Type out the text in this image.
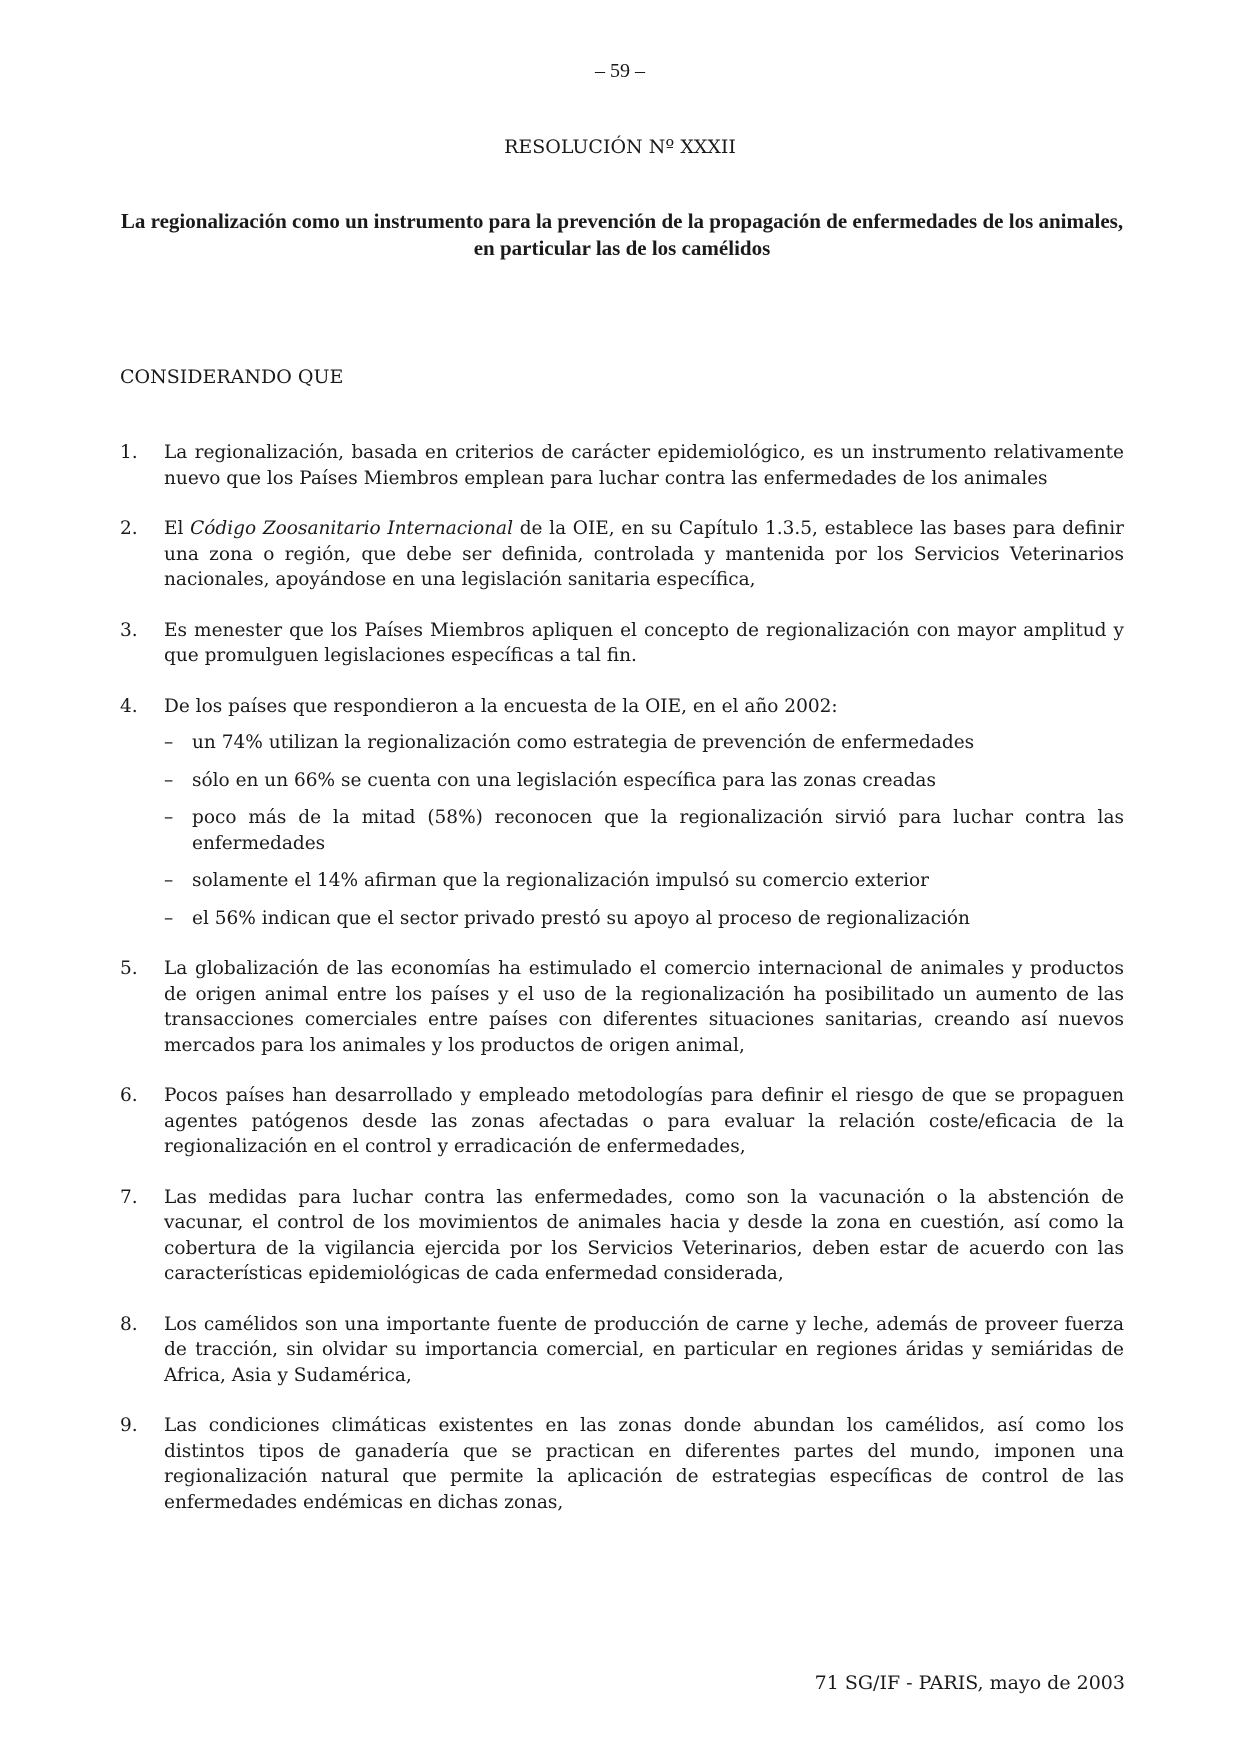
– 59 –
RESOLUCIÓN Nº XXXII
La regionalización como un instrumento para la prevención de la propagación de enfermedades de los animales, en particular las de los camélidos
CONSIDERANDO QUE
1.	La regionalización, basada en criterios de carácter epidemiológico, es un instrumento relativamente nuevo que los Países Miembros emplean para luchar contra las enfermedades de los animales
2.	El Código Zoosanitario Internacional de la OIE, en su Capítulo 1.3.5, establece las bases para definir una zona o región, que debe ser definida, controlada y mantenida por los Servicios Veterinarios nacionales, apoyándose en una legislación sanitaria específica,
3.	Es menester que los Países Miembros apliquen el concepto de regionalización con mayor amplitud y que promulguen legislaciones específicas a tal fin.
4.	De los países que respondieron a la encuesta de la OIE, en el año 2002:
–	un 74% utilizan la regionalización como estrategia de prevención de enfermedades
–	sólo en un 66% se cuenta con una legislación específica para las zonas creadas
–	poco más de la mitad (58%) reconocen que la regionalización sirvió para luchar contra las enfermedades
–	solamente el 14% afirman que la regionalización impulsó su comercio exterior
–	el 56% indican que el sector privado prestó su apoyo al proceso de regionalización
5.	La globalización de las economías ha estimulado el comercio internacional de animales y productos de origen animal entre los países y el uso de la regionalización ha posibilitado un aumento de las transacciones comerciales entre países con diferentes situaciones sanitarias, creando así nuevos mercados para los animales y los productos de origen animal,
6.	Pocos países han desarrollado y empleado metodologías para definir el riesgo de que se propaguen agentes patógenos desde las zonas afectadas o para evaluar la relación coste/eficacia de la regionalización en el control y erradicación de enfermedades,
7.	Las medidas para luchar contra las enfermedades, como son la vacunación o la abstención de vacunar, el control de los movimientos de animales hacia y desde la zona en cuestión, así como la cobertura de la vigilancia ejercida por los Servicios Veterinarios, deben estar de acuerdo con las características epidemiológicas de cada enfermedad considerada,
8.	Los camélidos son una importante fuente de producción de carne y leche, además de proveer fuerza de tracción, sin olvidar su importancia comercial, en particular en regiones áridas y semiáridas de Africa, Asia y Sudamérica,
9.	Las condiciones climáticas existentes en las zonas donde abundan los camélidos, así como los distintos tipos de ganadería que se practican en diferentes partes del mundo, imponen una regionalización natural que permite la aplicación de estrategias específicas de control de las enfermedades endémicas en dichas zonas,
71 SG/IF - PARIS, mayo de 2003
